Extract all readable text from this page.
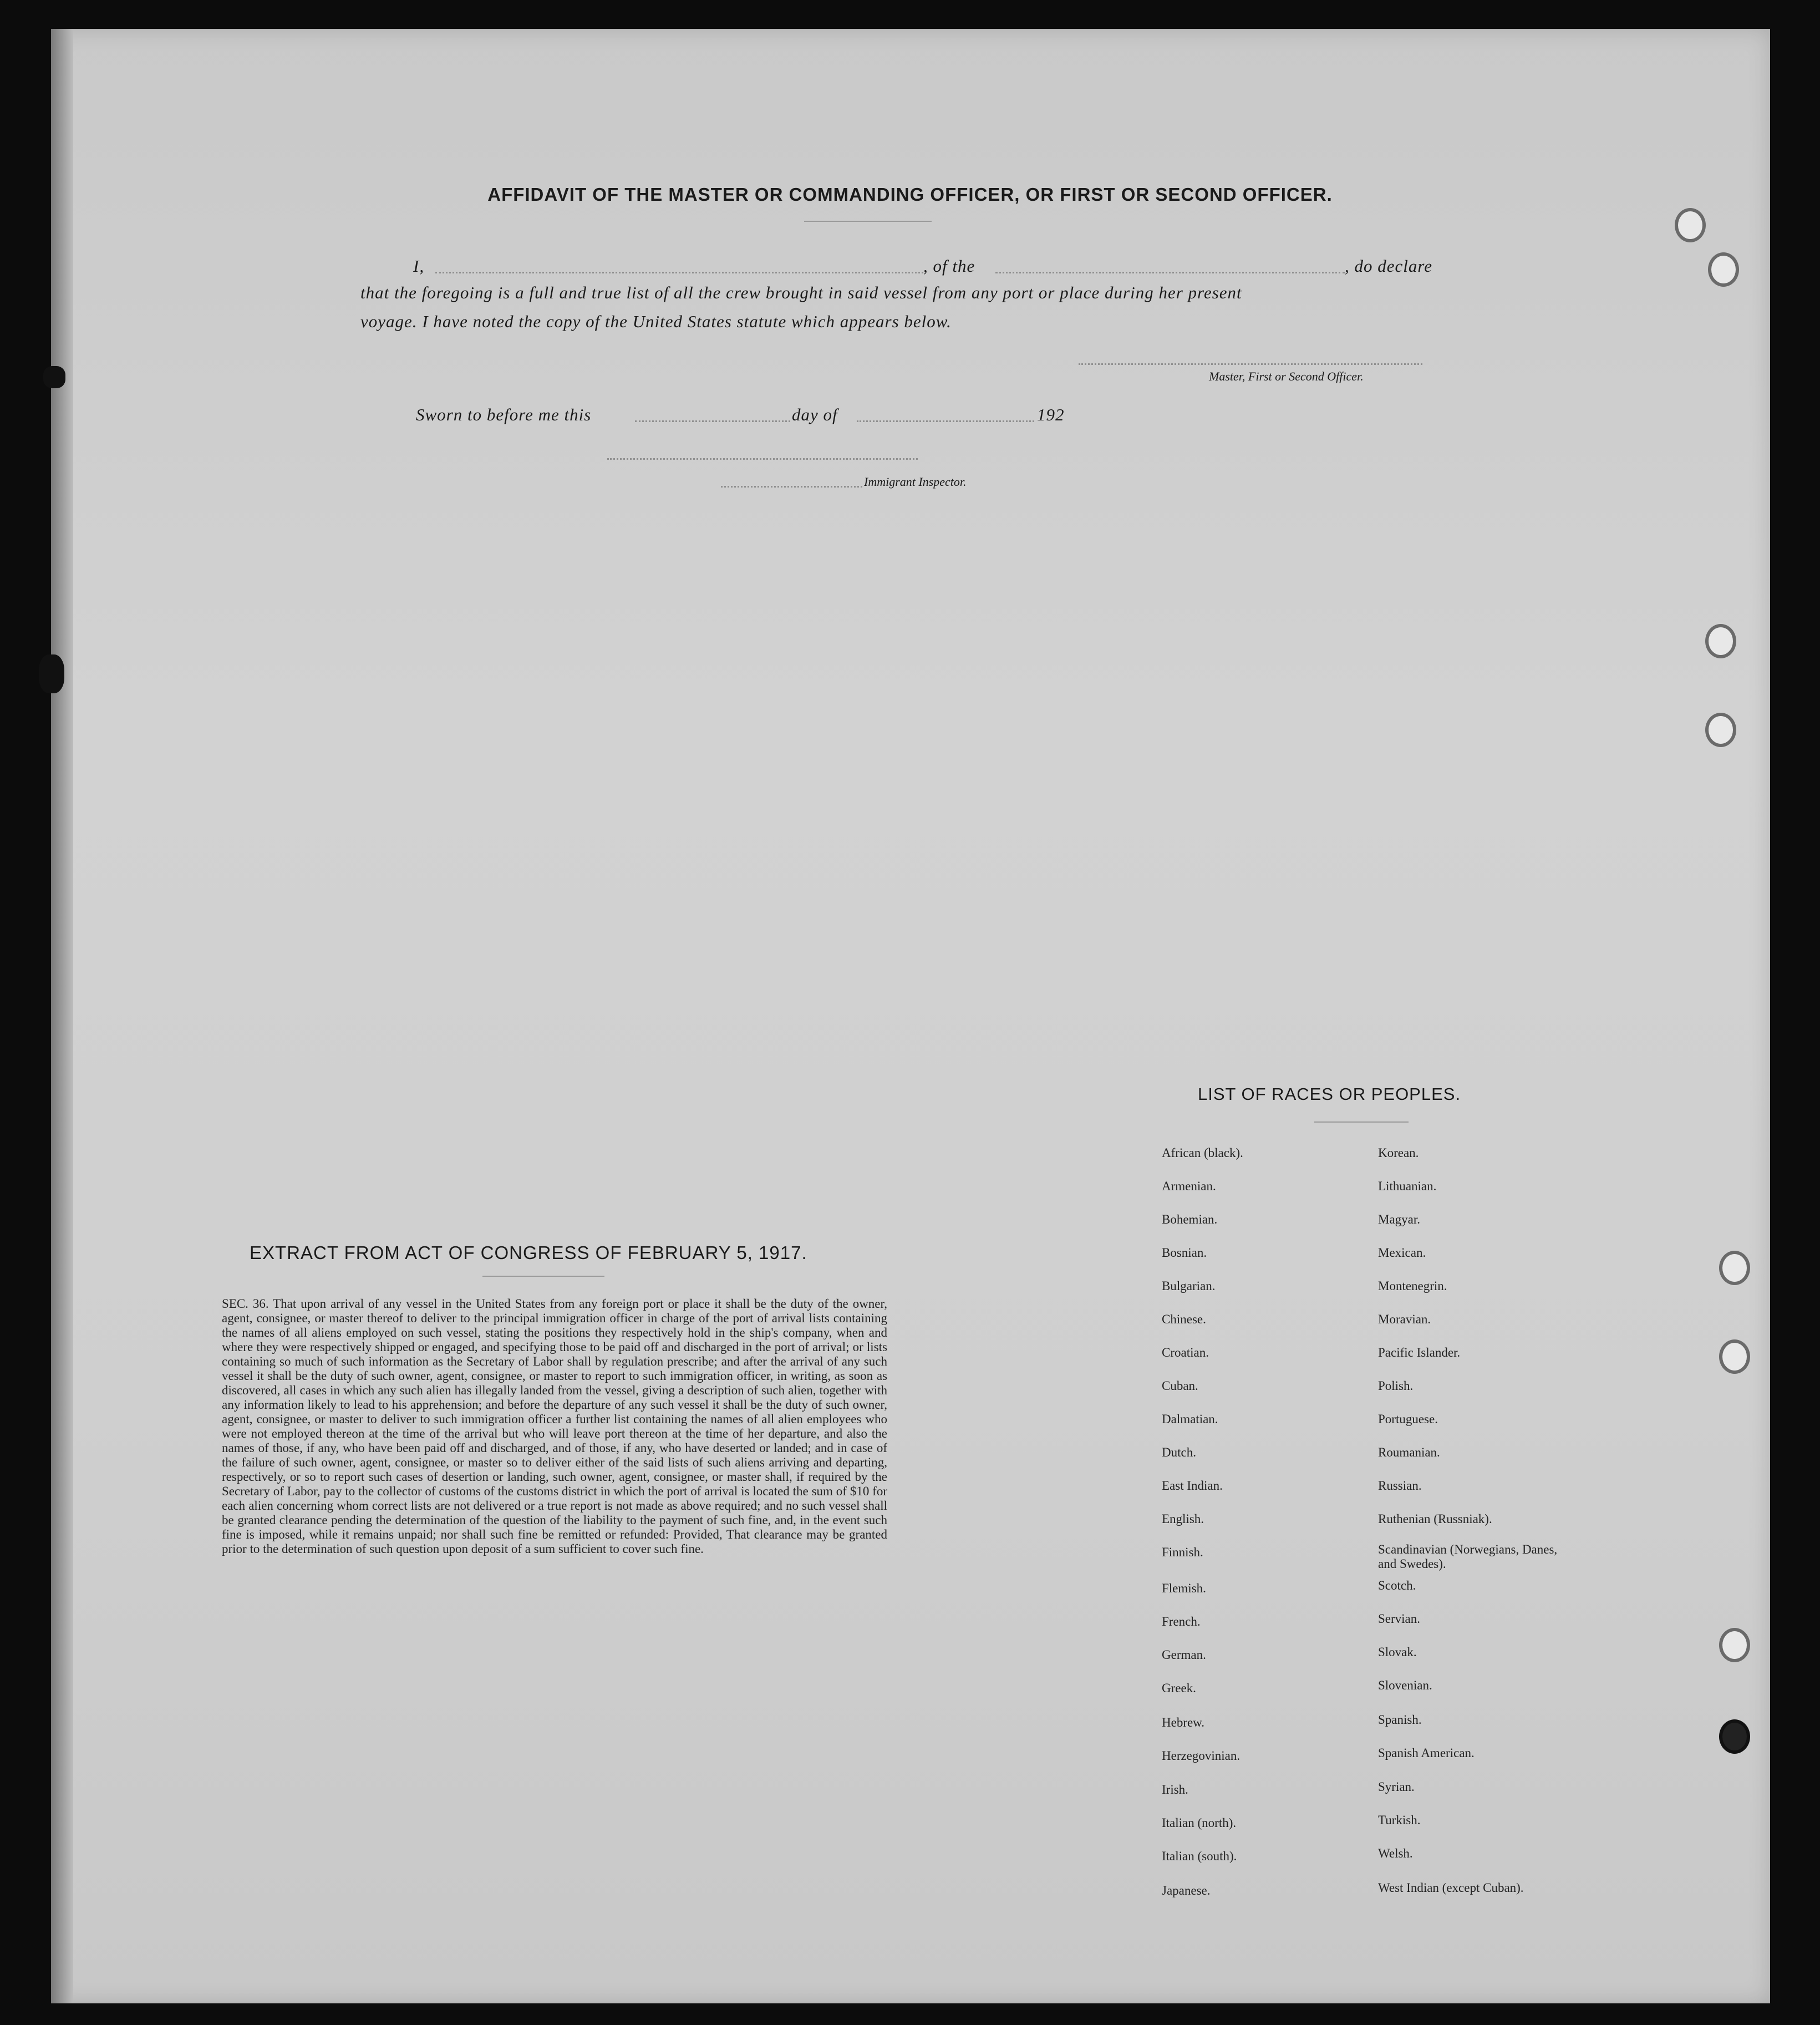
AFFIDAVIT OF THE MASTER OR COMMANDING OFFICER, OR FIRST OR SECOND OFFICER.
I,	, of the	, do declare
that the foregoing is a full and true list of all the crew brought in said vessel from any port or place during her present
voyage. I have noted the copy of the United States statute which appears below.
Master, First or Second Officer.
Sworn to before me this	day of	192
Immigrant Inspector.
EXTRACT FROM ACT OF CONGRESS OF FEBRUARY 5, 1917.
SEC. 36. That upon arrival of any vessel in the United States from any foreign port or place it shall be the duty of the owner, agent, consignee, or master thereof to deliver to the principal immigration officer in charge of the port of arrival lists containing the names of all aliens employed on such vessel, stating the positions they respectively hold in the ship's company, when and where they were respectively shipped or engaged, and specifying those to be paid off and discharged in the port of arrival; or lists containing so much of such information as the Secretary of Labor shall by regulation prescribe; and after the arrival of any such vessel it shall be the duty of such owner, agent, consignee, or master to report to such immigration officer, in writing, as soon as discovered, all cases in which any such alien has illegally landed from the vessel, giving a description of such alien, together with any information likely to lead to his apprehension; and before the departure of any such vessel it shall be the duty of such owner, agent, consignee, or master to deliver to such immigration officer a further list containing the names of all alien employees who were not employed thereon at the time of the arrival but who will leave port thereon at the time of her departure, and also the names of those, if any, who have been paid off and discharged, and of those, if any, who have deserted or landed; and in case of the failure of such owner, agent, consignee, or master so to deliver either of the said lists of such aliens arriving and departing, respectively, or so to report such cases of desertion or landing, such owner, agent, consignee, or master shall, if required by the Secretary of Labor, pay to the collector of customs of the customs district in which the port of arrival is located the sum of $10 for each alien concerning whom correct lists are not delivered or a true report is not made as above required; and no such vessel shall be granted clearance pending the determination of the question of the liability to the payment of such fine, and, in the event such fine is imposed, while it remains unpaid; nor shall such fine be remitted or refunded: Provided, That clearance may be granted prior to the determination of such question upon deposit of a sum sufficient to cover such fine.
LIST OF RACES OR PEOPLES.
African (black).
Armenian.
Bohemian.
Bosnian.
Bulgarian.
Chinese.
Croatian.
Cuban.
Dalmatian.
Dutch.
East Indian.
English.
Finnish.
Flemish.
French.
German.
Greek.
Hebrew.
Herzegovinian.
Irish.
Italian (north).
Italian (south).
Japanese.
Korean.
Lithuanian.
Magyar.
Mexican.
Montenegrin.
Moravian.
Pacific Islander.
Polish.
Portuguese.
Roumanian.
Russian.
Ruthenian (Russniak).
Scandinavian (Norwegians, Danes, and Swedes).
Scotch.
Servian.
Slovak.
Slovenian.
Spanish.
Spanish American.
Syrian.
Turkish.
Welsh.
West Indian (except Cuban).
